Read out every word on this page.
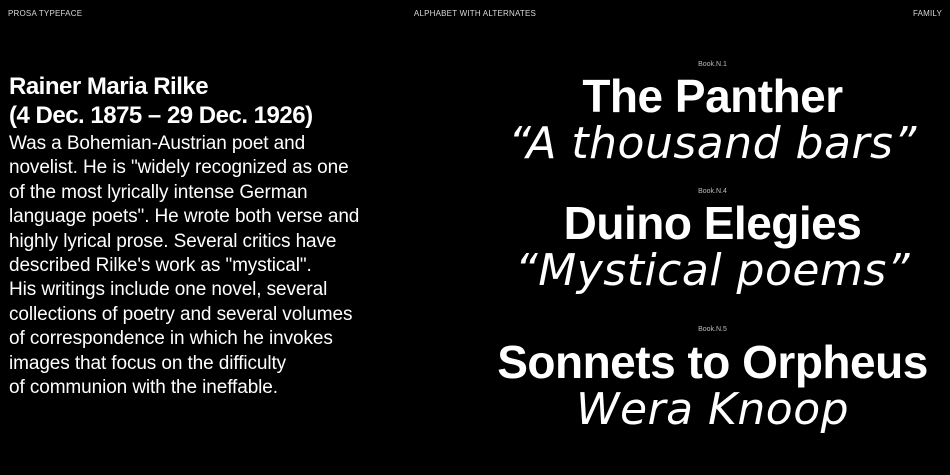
PROSA TYPEFACE	ALPHABET WITH ALTERNATES	FAMILY
Rainer Maria Rilke
(4 Dec. 1875 – 29 Dec. 1926)

Was a Bohemian-Austrian poet and
novelist. He is "widely recognized as one
of the most lyrically intense German
language poets". He wrote both verse and
highly lyrical prose. Several critics have
described Rilke's work as "mystical".
His writings include one novel, several
collections of poetry and several volumes
of correspondence in which he invokes
images that focus on the difficulty
of communion with the ineffable.

Book.N.1
The Panther
“A thousand bars”
Book.N.4
Duino Elegies
“Mystical poems”
Book.N.5
Sonnets to Orpheus
Wera Knoop
